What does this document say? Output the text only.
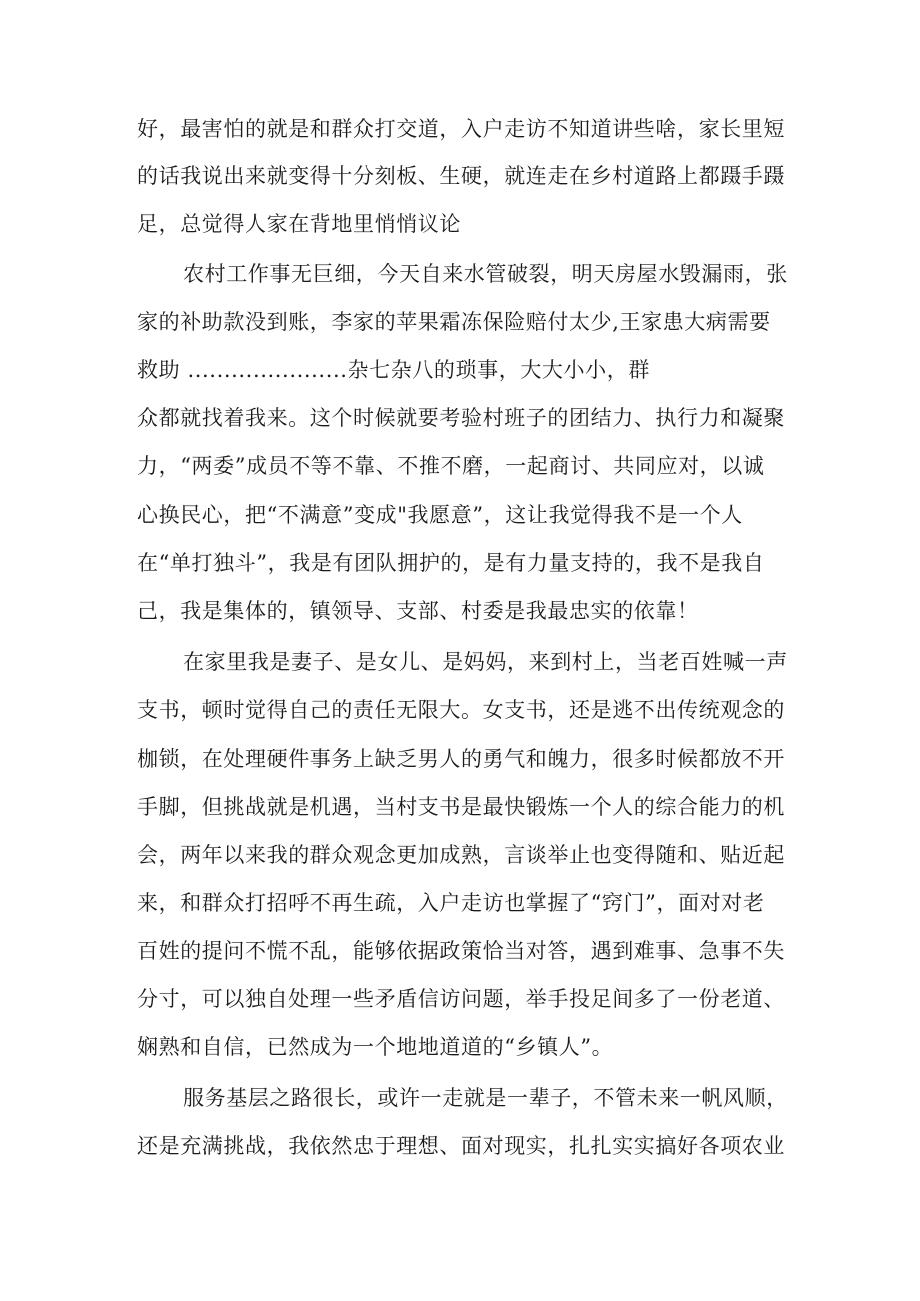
好，最害怕的就是和群众打交道，入户走访不知道讲些啥，家长里短

的话我说出来就变得十分刻板、生硬，就连走在乡村道路上都蹑手蹑

足，总觉得人家在背地里悄悄议论

农村工作事无巨细，今天自来水管破裂，明天房屋水毁漏雨，张

家的补助款没到账，李家的苹果霜冻保险赔付太少,王家患大病需要

救助 ......................杂七杂八的琐事，大大小小，群

众都就找着我来。这个时候就要考验村班子的团结力、执行力和凝聚

力，“两委”成员不等不靠、不推不磨，一起商讨、共同应对，以诚

心换民心，把“不满意”变成"我愿意”，这让我觉得我不是一个人

在“单打独斗”，我是有团队拥护的，是有力量支持的，我不是我自

己，我是集体的，镇领导、支部、村委是我最忠实的依靠！

在家里我是妻子、是女儿、是妈妈，来到村上，当老百姓喊一声

支书，顿时觉得自己的责任无限大。女支书，还是逃不出传统观念的

枷锁，在处理硬件事务上缺乏男人的勇气和魄力，很多时候都放不开

手脚，但挑战就是机遇，当村支书是最快锻炼一个人的综合能力的机

会，两年以来我的群众观念更加成熟，言谈举止也变得随和、贴近起

来，和群众打招呼不再生疏，入户走访也掌握了“窍门”，面对对老

百姓的提问不慌不乱，能够依据政策恰当对答，遇到难事、急事不失

分寸，可以独自处理一些矛盾信访问题，举手投足间多了一份老道、

娴熟和自信，已然成为一个地地道道的“乡镇人”。

服务基层之路很长，或许一走就是一辈子，不管未来一帆风顺，

还是充满挑战，我依然忠于理想、面对现实，扎扎实实搞好各项农业
